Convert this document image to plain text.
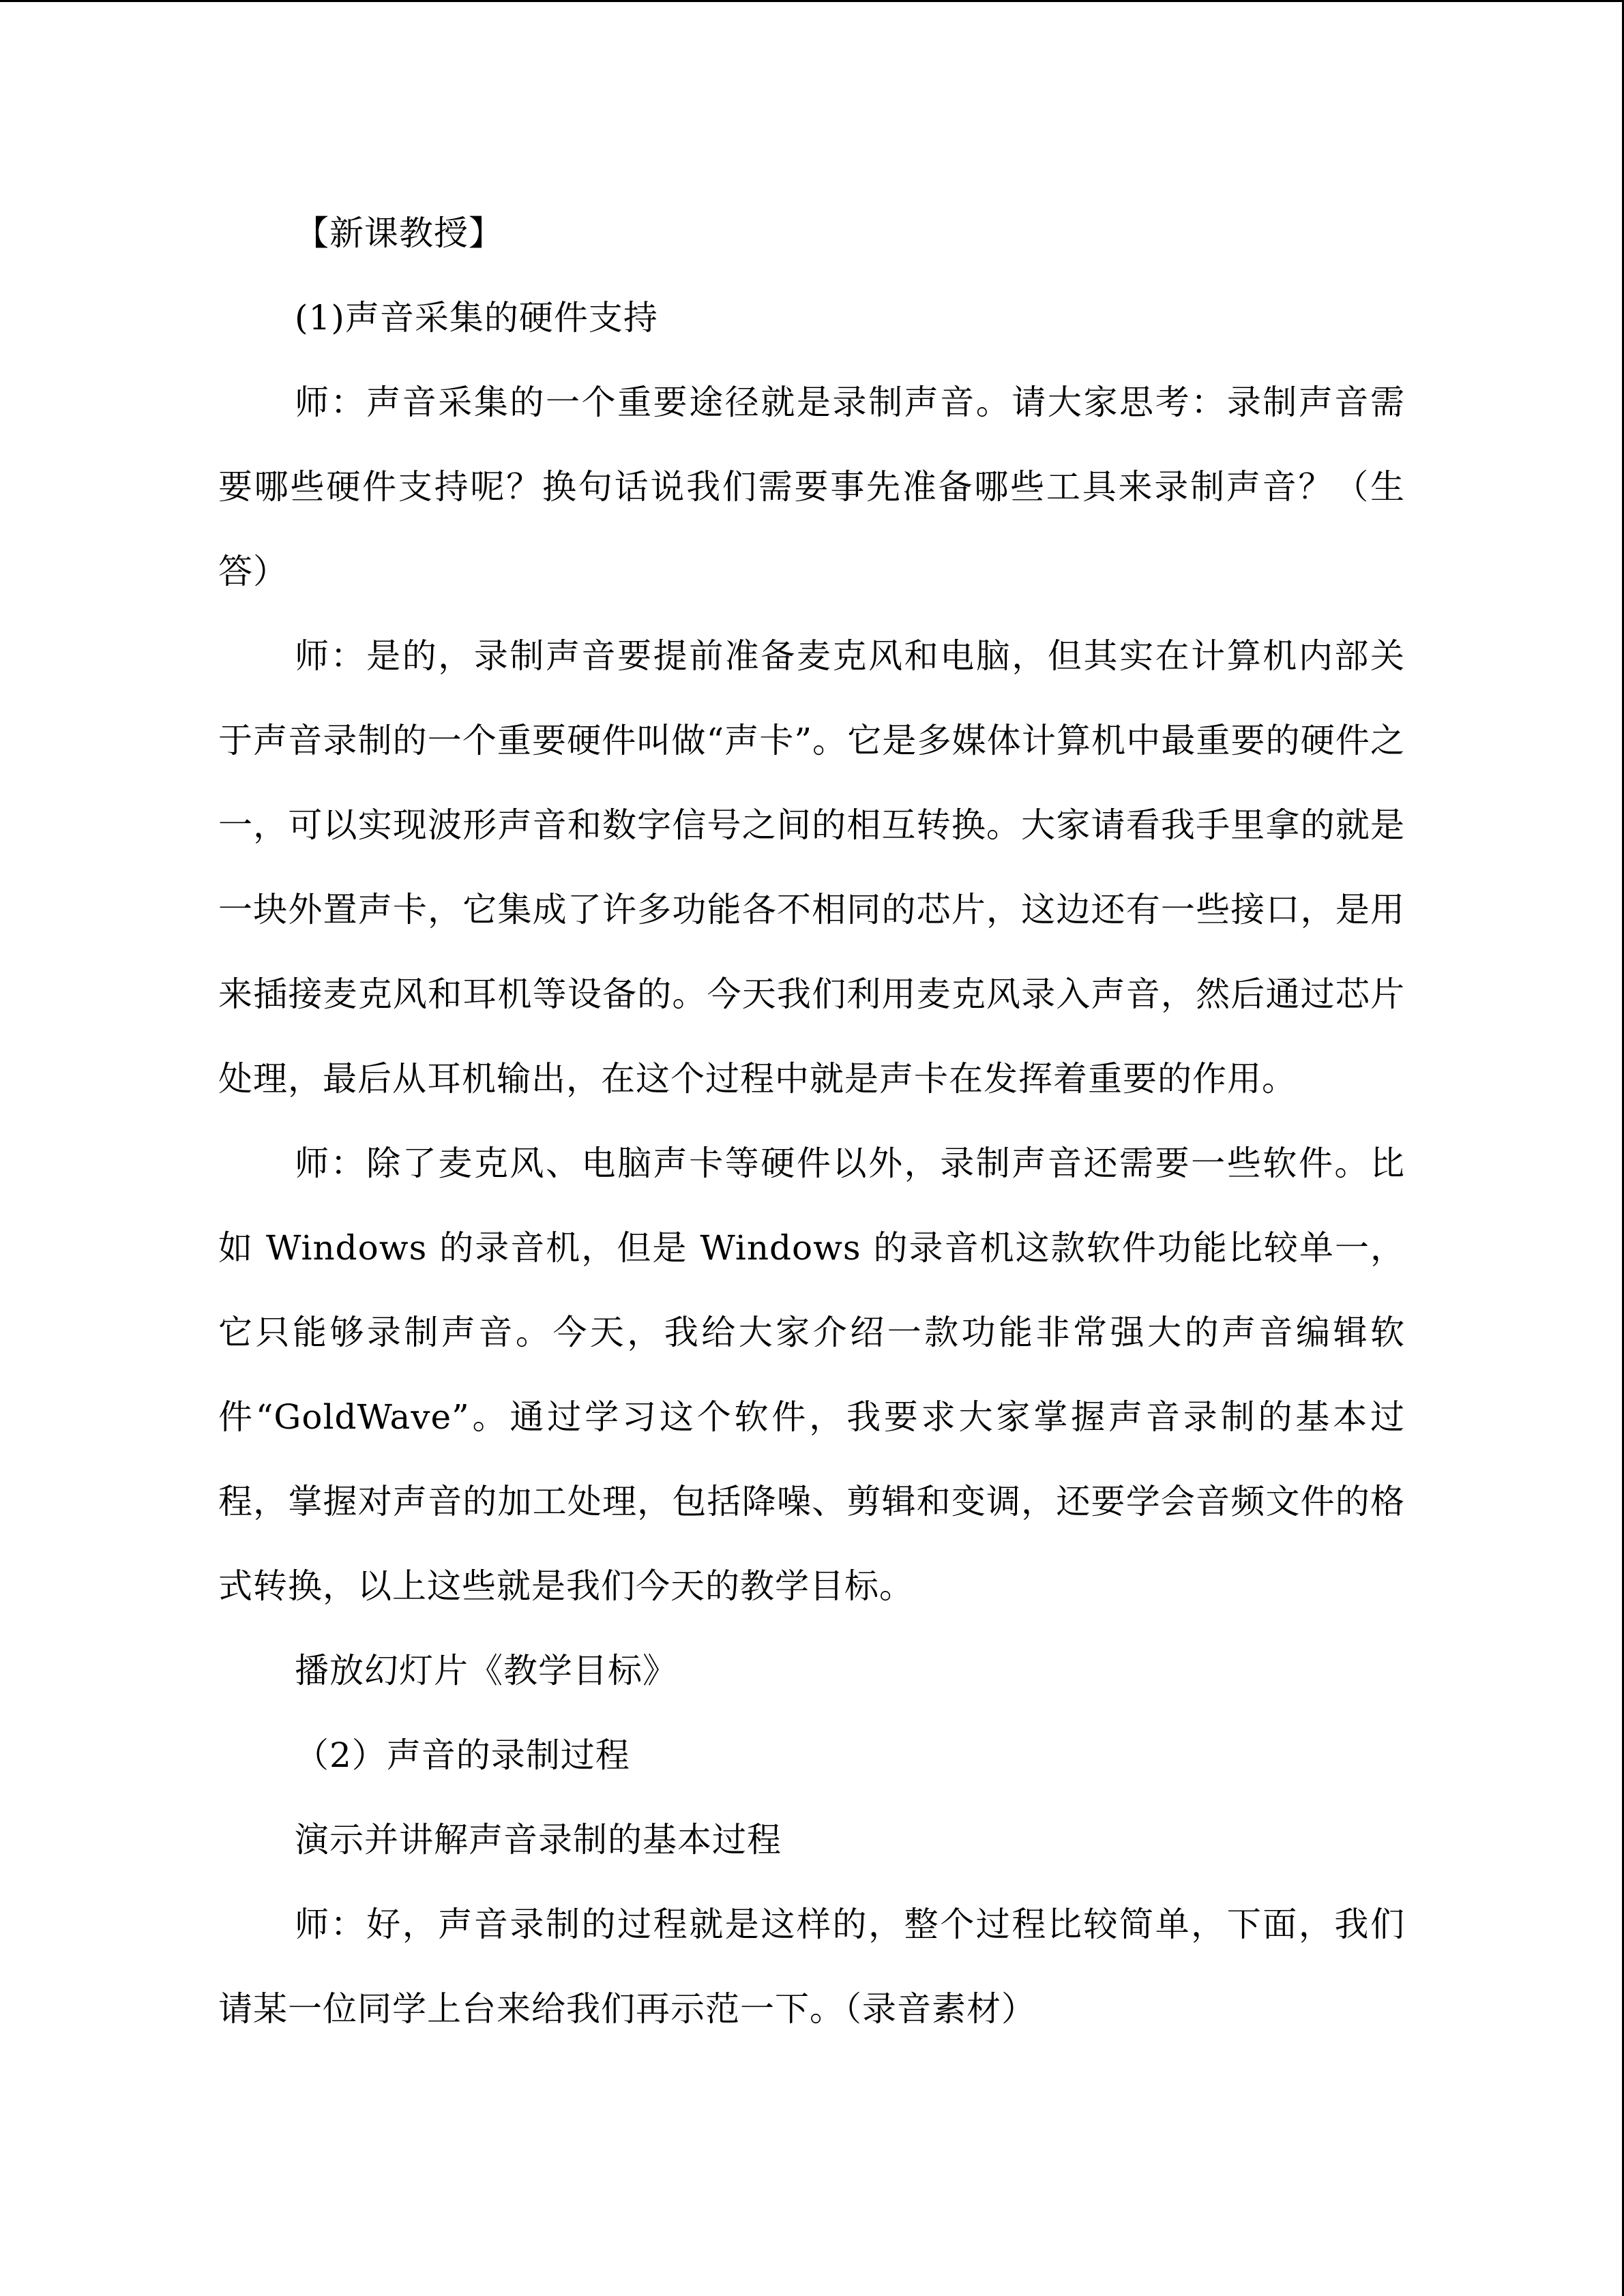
【新课教授】

(1)声音采集的硬件支持

师：声音采集的一个重要途径就是录制声音。请大家思考：录制声音需要哪些硬件支持呢？换句话说我们需要事先准备哪些工具来录制声音？（生答）

师：是的，录制声音要提前准备麦克风和电脑，但其实在计算机内部关于声音录制的一个重要硬件叫做“声卡”。它是多媒体计算机中最重要的硬件之一，可以实现波形声音和数字信号之间的相互转换。大家请看我手里拿的就是一块外置声卡，它集成了许多功能各不相同的芯片，这边还有一些接口，是用来插接麦克风和耳机等设备的。今天我们利用麦克风录入声音，然后通过芯片处理，最后从耳机输出，在这个过程中就是声卡在发挥着重要的作用。

师：除了麦克风、电脑声卡等硬件以外，录制声音还需要一些软件。比如 Windows 的录音机，但是 Windows 的录音机这款软件功能比较单一，它只能够录制声音。今天，我给大家介绍一款功能非常强大的声音编辑软件“GoldWave”。通过学习这个软件，我要求大家掌握声音录制的基本过程，掌握对声音的加工处理，包括降噪、剪辑和变调，还要学会音频文件的格式转换，以上这些就是我们今天的教学目标。

播放幻灯片《教学目标》

（2）声音的录制过程

演示并讲解声音录制的基本过程

师：好，声音录制的过程就是这样的，整个过程比较简单，下面，我们请某一位同学上台来给我们再示范一下。（录音素材）
